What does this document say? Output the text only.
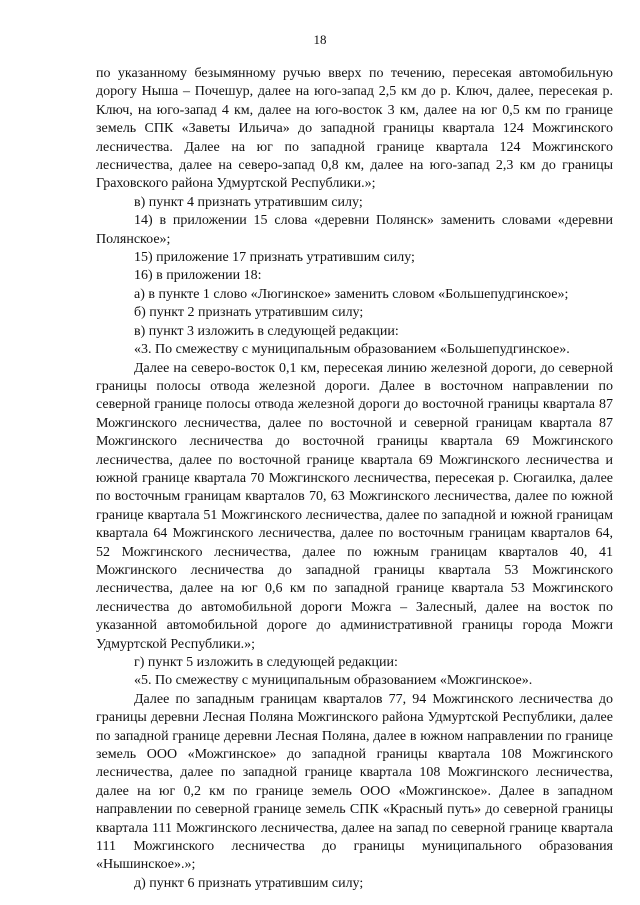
18

по указанному безымянному ручью вверх по течению, пересекая автомобильную дорогу Ныша – Почешур, далее на юго-запад 2,5 км до р. Ключ, далее, пересекая р. Ключ, на юго-запад 4 км, далее на юго-восток 3 км, далее на юг 0,5 км по границе земель СПК «Заветы Ильича» до западной границы квартала 124 Можгинского лесничества. Далее на юг по западной границе квартала 124 Можгинского лесничества, далее на северо-запад 0,8 км, далее на юго-запад 2,3 км до границы Граховского района Удмуртской Республики.»;

в) пункт 4 признать утратившим силу;

14) в приложении 15 слова «деревни Полянск» заменить словами «деревни Полянское»;

15) приложение 17 признать утратившим силу;

16) в приложении 18:

а) в пункте 1 слово «Люгинское» заменить словом «Большепудгинское»;

б) пункт 2 признать утратившим силу;

в) пункт 3 изложить в следующей редакции:

«3. По смежеству с муниципальным образованием «Большепудгинское».

Далее на северо-восток 0,1 км, пересекая линию железной дороги, до северной границы полосы отвода железной дороги. Далее в восточном направлении по северной границе полосы отвода железной дороги до восточной границы квартала 87 Можгинского лесничества, далее по восточной и северной границам квартала 87 Можгинского лесничества до восточной границы квартала 69 Можгинского лесничества, далее по восточной границе квартала 69 Можгинского лесничества и южной границе квартала 70 Можгинского лесничества, пересекая р. Сюгаилка, далее по восточным границам кварталов 70, 63 Можгинского лесничества, далее по южной границе квартала 51 Можгинского лесничества, далее по западной и южной границам квартала 64 Можгинского лесничества, далее по восточным границам кварталов 64, 52 Можгинского лесничества, далее по южным границам кварталов 40, 41 Можгинского лесничества до западной границы квартала 53 Можгинского лесничества, далее на юг 0,6 км по западной границе квартала 53 Можгинского лесничества до автомобильной дороги Можга – Залесный, далее на восток по указанной автомобильной дороге до административной границы города Можги Удмуртской Республики.»;

г) пункт 5 изложить в следующей редакции:

«5. По смежеству с муниципальным образованием «Можгинское».

Далее по западным границам кварталов 77, 94 Можгинского лесничества до границы деревни Лесная Поляна Можгинского района Удмуртской Республики, далее по западной границе деревни Лесная Поляна, далее в южном направлении по границе земель ООО «Можгинское» до западной границы квартала 108 Можгинского лесничества, далее по западной границе квартала 108 Можгинского лесничества, далее на юг 0,2 км по границе земель ООО «Можгинское». Далее в западном направлении по северной границе земель СПК «Красный путь» до северной границы квартала 111 Можгинского лесничества, далее на запад по северной границе квартала 111 Можгинского лесничества до границы муниципального образования «Нышинское».»;

д) пункт 6 признать утратившим силу;
